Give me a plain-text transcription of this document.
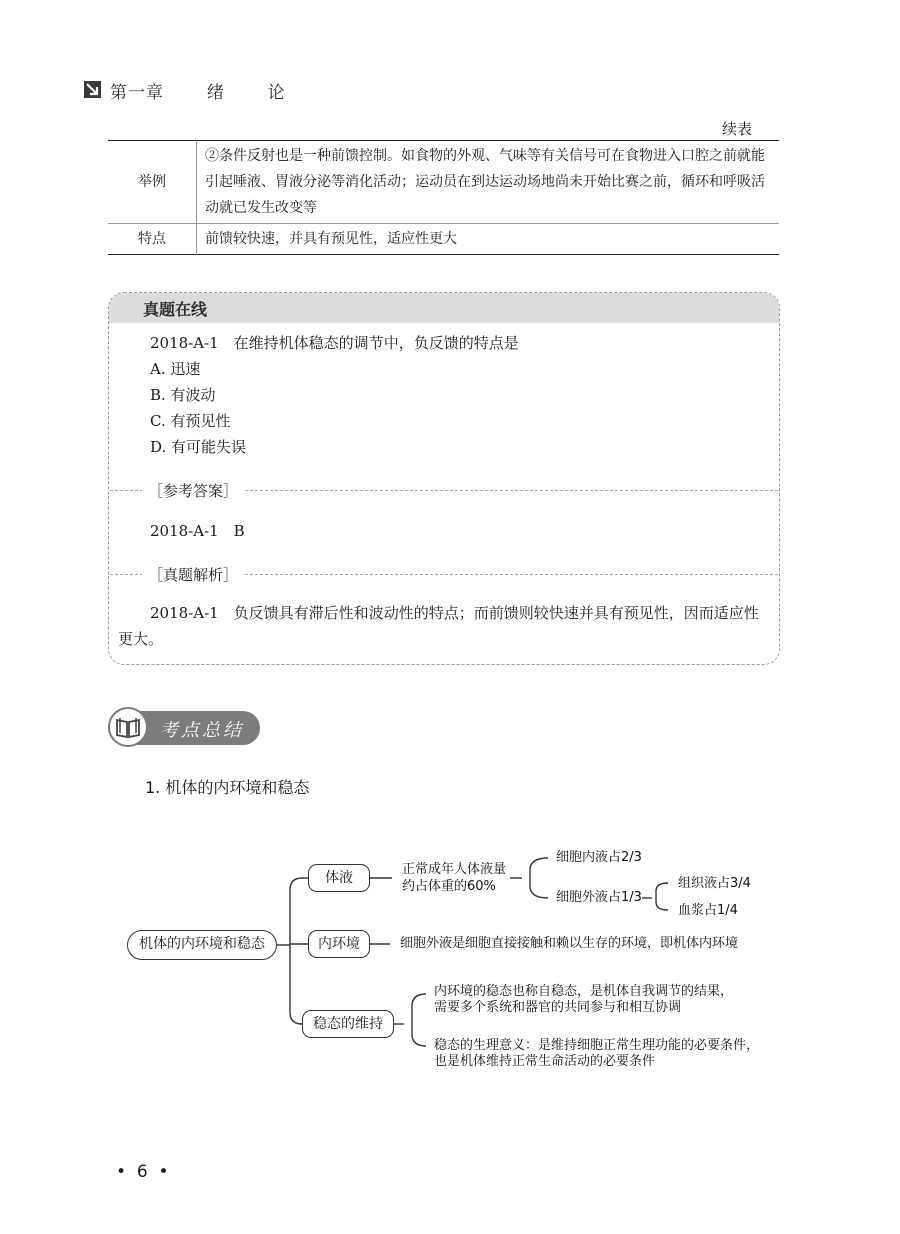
第一章	绪	论
续表
举例	②条件反射也是一种前馈控制。如食物的外观、气味等有关信号可在食物进入口腔之前就能引起唾液、胃液分泌等消化活动；运动员在到达运动场地尚未开始比赛之前，循环和呼吸活动就已发生改变等
特点	前馈较快速，并具有预见性，适应性更大
真题在线
2018-A-1　在维持机体稳态的调节中，负反馈的特点是
A. 迅速
B. 有波动
C. 有预见性
D. 有可能失误
［参考答案］
2018-A-1　B
［真题解析］
2018-A-1　负反馈具有滞后性和波动性的特点；而前馈则较快速并具有预见性，因而适应性更大。
考点总结
1. 机体的内环境和稳态
机体的内环境和稳态
体液
内环境
稳态的维持
正常成年人体液量
约占体重的60%
细胞内液占2/3
细胞外液占1/3
组织液占3/4
血浆占1/4
细胞外液是细胞直接接触和赖以生存的环境，即机体内环境
内环境的稳态也称自稳态，是机体自我调节的结果，
需要多个系统和器官的共同参与和相互协调
稳态的生理意义：是维持细胞正常生理功能的必要条件，
也是机体维持正常生命活动的必要条件
•  6  •
